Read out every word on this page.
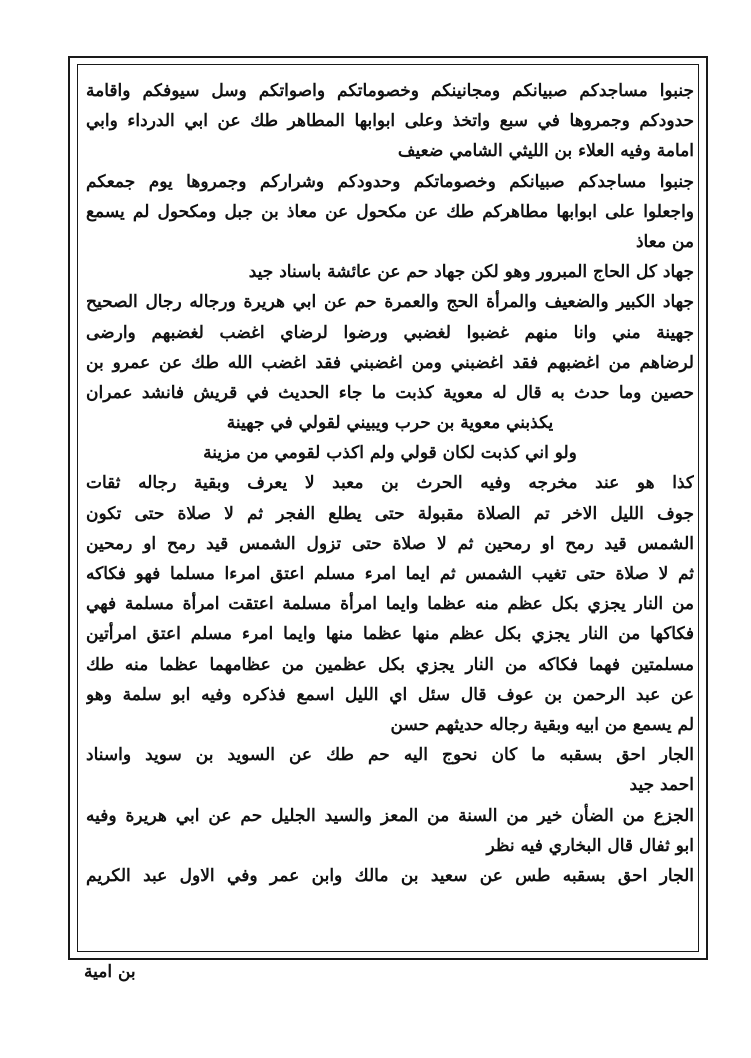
جنبوا مساجدكم صبيانكم ومجانينكم وخصوماتكم واصواتكم وسل سيوفكم واقامة
حدودكم وجمروها في سبع واتخذ وعلى ابوابها المطاهر طك عن ابي الدرداء وابي
امامة وفيه العلاء بن الليثي الشامي ضعيف
جنبوا مساجدكم صبيانكم وخصوماتكم وحدودكم وشراركم وجمروها يوم جمعكم
واجعلوا على ابوابها مطاهركم طك عن مكحول عن معاذ بن جبل ومكحول لم يسمع
من معاذ
جهاد كل الحاج المبرور وهو لكن جهاد حم عن عائشة باسناد جيد
جهاد الكبير والضعيف والمرأة الحج والعمرة حم عن ابي هريرة ورجاله رجال الصحيح
جهينة مني وانا منهم غضبوا لغضبي ورضوا لرضاي اغضب لغضبهم وارضى
لرضاهم من اغضبهم فقد اغضبني ومن اغضبني فقد اغضب الله طك عن عمرو بن
حصين وما حدث به قال له معوية كذبت ما جاء الحديث في قريش فانشد عمران
يكذبني معوية بن حرب ويبيني لقولي في جهينة
ولو اني كذبت لكان قولي ولم اكذب لقومي من مزينة
كذا هو عند مخرجه وفيه الحرث بن معبد لا يعرف وبقية رجاله ثقات
جوف الليل الاخر تم الصلاة مقبولة حتى يطلع الفجر ثم لا صلاة حتى تكون
الشمس قيد رمح او رمحين ثم لا صلاة حتى تزول الشمس قيد رمح او رمحين
ثم لا صلاة حتى تغيب الشمس ثم ايما امرء مسلم اعتق امرءا مسلما فهو فكاكه
من النار يجزي بكل عظم منه عظما وايما امرأة مسلمة اعتقت امرأة مسلمة فهي
فكاكها من النار يجزي بكل عظم منها عظما منها وايما امرء مسلم اعتق امرأتين
مسلمتين فهما فكاكه من النار يجزي بكل عظمين من عظامهما عظما منه طك
عن عبد الرحمن بن عوف قال سئل اي الليل اسمع فذكره وفيه ابو سلمة وهو
لم يسمع من ابيه وبقية رجاله حديثهم حسن
الجار احق بسقبه ما كان نحوج اليه حم طك عن السويد بن سويد واسناد
احمد جيد
الجزع من الضأن خير من السنة من المعز والسيد الجليل حم عن ابي هريرة وفيه
ابو ثفال قال البخاري فيه نظر
الجار احق بسقبه طس عن سعيد بن مالك وابن عمر وفي الاول عبد الكريم
بن امية
